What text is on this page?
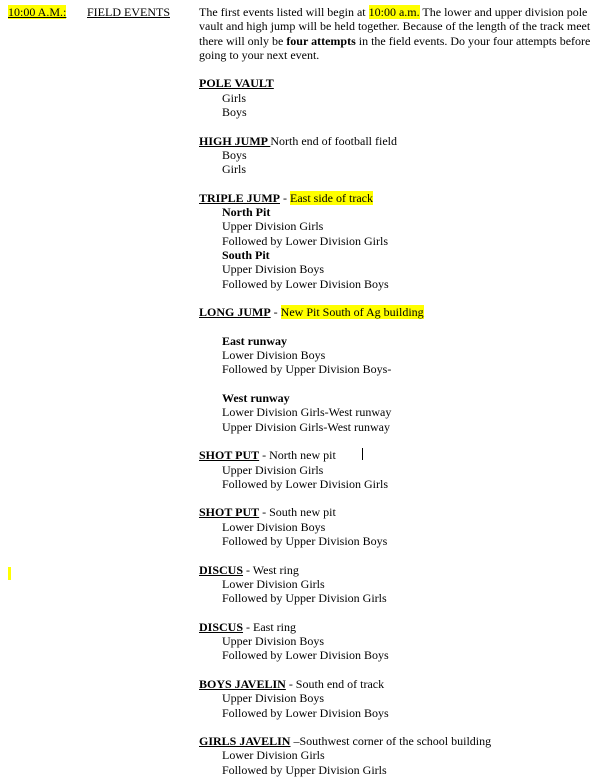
10:00 A.M.: FIELD EVENTS The first events listed will begin at 10:00 a.m. The lower and upper division pole vault and high jump will be held together. Because of the length of the track meet there will only be four attempts in the field events. Do your four attempts before going to your next event.

POLE VAULT
Girls
Boys
HIGH JUMP North end of football field
Boys
Girls
TRIPLE JUMP - East side of track
North Pit
Upper Division Girls
Followed by Lower Division Girls
South Pit
Upper Division Boys
Followed by Lower Division Boys
LONG JUMP - New Pit South of Ag building
East runway
Lower Division Boys
Followed by Upper Division Boys-
West runway
Lower Division Girls-West runway
Upper Division Girls-West runway
SHOT PUT - North new pit
Upper Division Girls
Followed by Lower Division Girls
SHOT PUT - South new pit
Lower Division Boys
Followed by Upper Division Boys
DISCUS - West ring
Lower Division Girls
Followed by Upper Division Girls
DISCUS - East ring
Upper Division Boys
Followed by Lower Division Boys
BOYS JAVELIN - South end of track
Upper Division Boys
Followed by Lower Division Boys
GIRLS JAVELIN –Southwest corner of the school building
Lower Division Girls
Followed by Upper Division Girls
